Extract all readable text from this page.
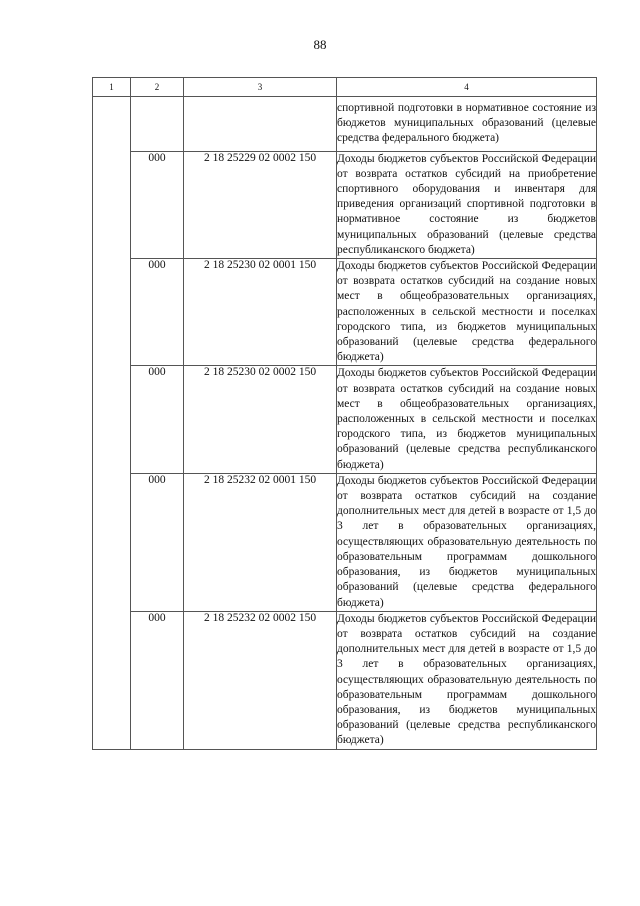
88
1	2	3	4
			спортивной подготовки в нормативное состояние из бюджетов муниципальных образований (целевые средства федерального бюджета)
	000	2 18 25229 02 0002 150	Доходы бюджетов субъектов Российской Федерации от возврата остатков субсидий на приобретение спортивного оборудования и инвентаря для приведения организаций спортивной подготовки в нормативное состояние из бюджетов муниципальных образований (целевые средства республиканского бюджета)
	000	2 18 25230 02 0001 150	Доходы бюджетов субъектов Российской Федерации от возврата остатков субсидий на создание новых мест в общеобразовательных организациях, расположенных в сельской местности и поселках городского типа, из бюджетов муниципальных образований (целевые средства федерального бюджета)
	000	2 18 25230 02 0002 150	Доходы бюджетов субъектов Российской Федерации от возврата остатков субсидий на создание новых мест в общеобразовательных организациях, расположенных в сельской местности и поселках городского типа, из бюджетов муниципальных образований (целевые средства республиканского бюджета)
	000	2 18 25232 02 0001 150	Доходы бюджетов субъектов Российской Федерации от возврата остатков субсидий на создание дополнительных мест для детей в возрасте от 1,5 до 3 лет в образовательных организациях, осуществляющих образовательную деятельность по образовательным программам дошкольного образования, из бюджетов муниципальных образований (целевые средства федерального бюджета)
	000	2 18 25232 02 0002 150	Доходы бюджетов субъектов Российской Федерации от возврата остатков субсидий на создание дополнительных мест для детей в возрасте от 1,5 до 3 лет в образовательных организациях, осуществляющих образовательную деятельность по образовательным программам дошкольного образования, из бюджетов муниципальных образований (целевые средства республиканского бюджета)
